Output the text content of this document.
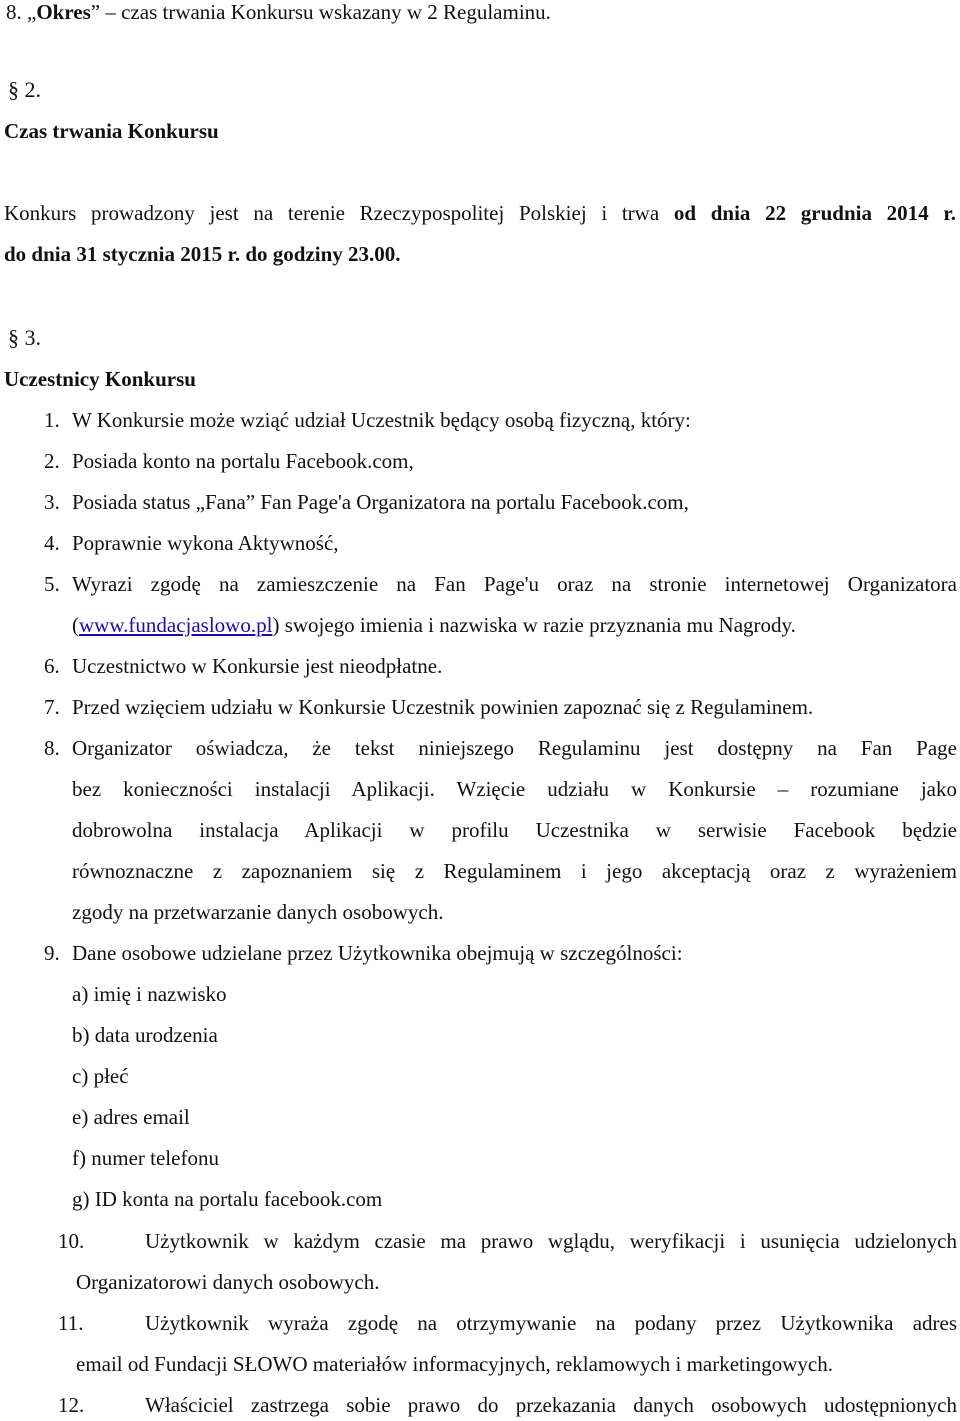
8. „Okres” – czas trwania Konkursu wskazany w 2 Regulaminu.
§ 2.
Czas trwania Konkursu
Konkurs prowadzony jest na terenie Rzeczypospolitej Polskiej i trwa od dnia 22 grudnia 2014 r.
do dnia 31 stycznia 2015 r. do godziny 23.00.
§ 3.
Uczestnicy Konkursu
1. W Konkursie może wziąć udział Uczestnik będący osobą fizyczną, który:
2. Posiada konto na portalu Facebook.com,
3. Posiada status „Fana” Fan Page'a Organizatora na portalu Facebook.com,
4. Poprawnie wykona Aktywność,
5. Wyrazi zgodę na zamieszczenie na Fan Page'u oraz na stronie internetowej Organizatora
(www.fundacjaslowo.pl) swojego imienia i nazwiska w razie przyznania mu Nagrody.
6. Uczestnictwo w Konkursie jest nieodpłatne.
7. Przed wzięciem udziału w Konkursie Uczestnik powinien zapoznać się z Regulaminem.
8. Organizator oświadcza, że tekst niniejszego Regulaminu jest dostępny na Fan Page
bez konieczności instalacji Aplikacji. Wzięcie udziału w Konkursie – rozumiane jako
dobrowolna instalacja Aplikacji w profilu Uczestnika w serwisie Facebook będzie
równoznaczne z zapoznaniem się z Regulaminem i jego akceptacją oraz z wyrażeniem
zgody na przetwarzanie danych osobowych.
9. Dane osobowe udzielane przez Użytkownika obejmują w szczególności:
a) imię i nazwisko
b) data urodzenia
c) płeć
e) adres email
f) numer telefonu
g) ID konta na portalu facebook.com
10.	Użytkownik w każdym czasie ma prawo wglądu, weryfikacji i usunięcia udzielonych
Organizatorowi danych osobowych.
11.	Użytkownik wyraża zgodę na otrzymywanie na podany przez Użytkownika adres
email od Fundacji SŁOWO materiałów informacyjnych, reklamowych i marketingowych.
12.	Właściciel zastrzega sobie prawo do przekazania danych osobowych udostępnionych
